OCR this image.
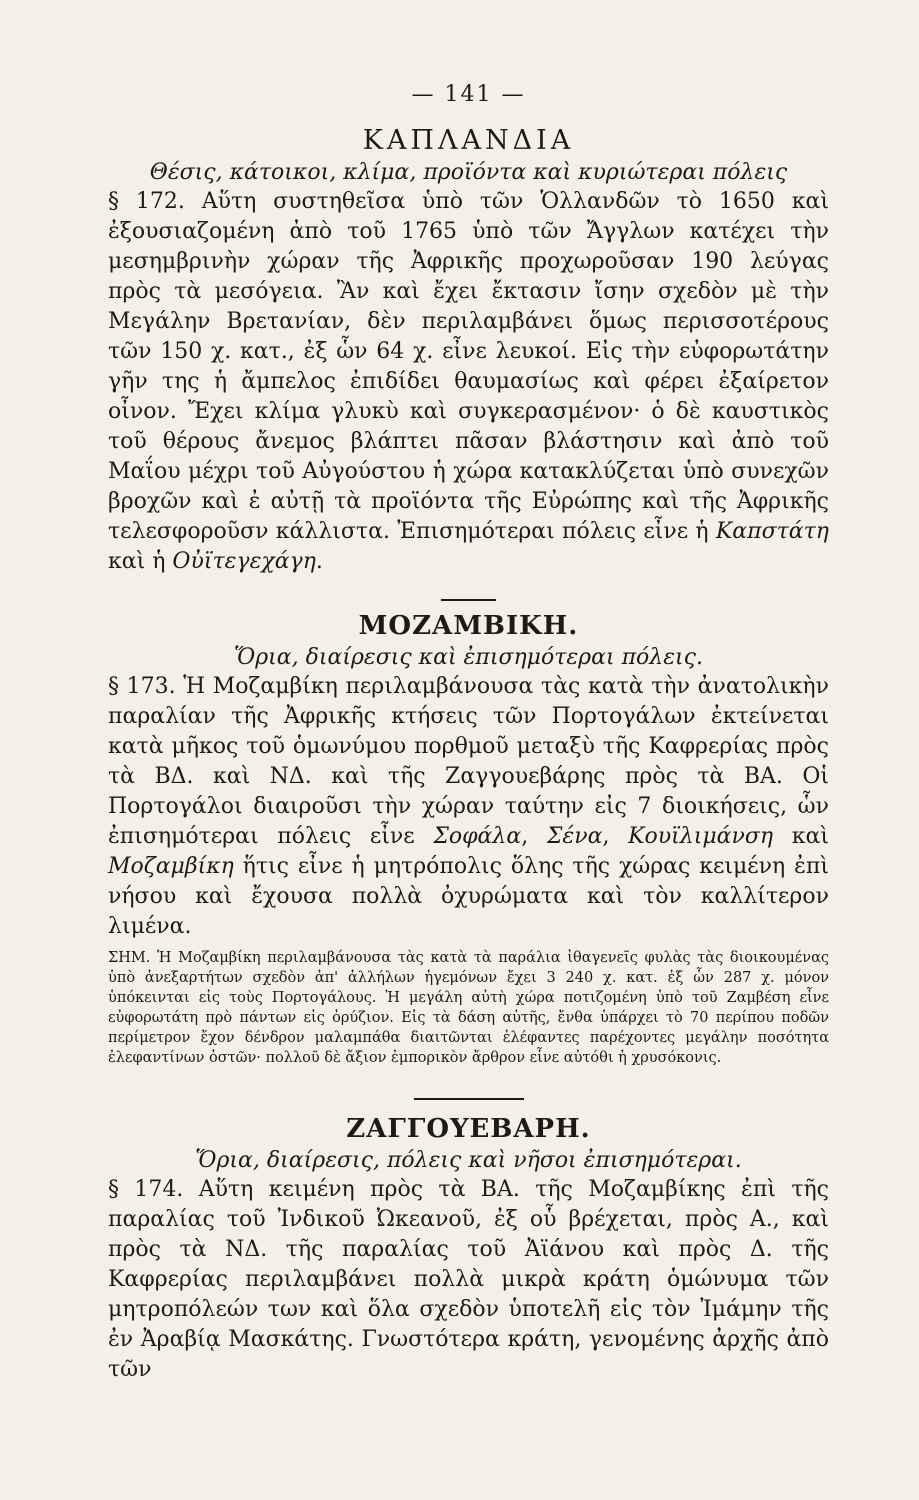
— 141 —
ΚΑΠΛΑΝΔΙΑ
Θέσις, κάτοικοι, κλίμα, προϊόντα καὶ κυριώτεραι πόλεις

§ 172. Αὕτη συστηθεῖσα ὑπὸ τῶν Ὁλλανδῶν τὸ 1650 καὶ ἐξουσιαζομένη ἀπὸ τοῦ 1765 ὑπὸ τῶν Ἄγγλων κατέχει τὴν μεσημβρινὴν χώραν τῆς Ἀφρικῆς προχωροῦσαν 190 λεύγας πρὸς τὰ μεσόγεια. Ἂν καὶ ἔχει ἔκτασιν ἴσην σχεδὸν μὲ τὴν Μεγάλην Βρετανίαν, δὲν περιλαμβάνει ὅμως περισσοτέρους τῶν 150 χ. κατ., ἐξ ὧν 64 χ. εἶνε λευκοί. Εἰς τὴν εὐφορωτάτην γῆν της ἡ ἄμπελος ἐπιδίδει θαυμασίως καὶ φέρει ἐξαίρετον οἶνον. Ἔχει κλίμα γλυκὺ καὶ συγκερασμένον· ὁ δὲ καυστικὸς τοῦ θέρους ἄνεμος βλάπτει πᾶσαν βλάστησιν καὶ ἀπὸ τοῦ Μαΐου μέχρι τοῦ Αὐγούστου ἡ χώρα κατακλύζεται ὑπὸ συνεχῶν βροχῶν καὶ ἐ αὐτῇ τὰ προϊόντα τῆς Εὐρώπης καὶ τῆς Ἀφρικῆς τελεσφοροῦσν κάλλιστα. Ἐπισημότεραι πόλεις εἶνε ἡ Καπστάτη καὶ ἡ Οὐϊτεγεχάγη.

ΜΟΖΑΜΒΙΚΗ.
Ὅρια, διαίρεσις καὶ ἐπισημότεραι πόλεις.

§ 173. Ἡ Μοζαμβίκη περιλαμβάνουσα τὰς κατὰ τὴν ἀνατολικὴν παραλίαν τῆς Ἀφρικῆς κτήσεις τῶν Πορτογάλων ἐκτείνεται κατὰ μῆκος τοῦ ὁμωνύμου πορθμοῦ μεταξὺ τῆς Καφρερίας πρὸς τὰ ΒΔ. καὶ ΝΔ. καὶ τῆς Ζαγγουεβάρης πρὸς τὰ ΒΑ. Οἱ Πορτογάλοι διαιροῦσι τὴν χώραν ταύτην εἰς 7 διοικήσεις, ὧν ἐπισημότεραι πόλεις εἶνε Σοφάλα, Σένα, Κουϊλιμάνση καὶ Μοζαμβίκη ἥτις εἶνε ἡ μητρόπολις ὅλης τῆς χώρας κειμένη ἐπὶ νήσου καὶ ἔχουσα πολλὰ ὀχυρώματα καὶ τὸν καλλίτερον λιμένα.

ΣΗΜ. Ἡ Μοζαμβίκη περιλαμβάνουσα τὰς κατὰ τὰ παράλια ἰθαγενεῖς φυλὰς τὰς διοικουμένας ὑπὸ ἀνεξαρτήτων σχεδὸν ἀπ' ἀλλήλων ἡγεμόνων ἔχει 3 240 χ. κατ. ἐξ ὧν 287 χ. μόνον ὑπόκεινται εἰς τοὺς Πορτογάλους. Ἡ μεγάλη αὐτὴ χώρα ποτιζομένη ὑπὸ τοῦ Ζαμβέση εἶνε εὐφορωτάτη πρὸ πάντων εἰς ὀρύζιον. Εἰς τὰ δάση αὐτῆς, ἔνθα ὑπάρχει τὸ 70 περίπου ποδῶν περίμετρον ἔχον δένδρον μαλαμπάθα διαιτῶνται ἐλέφαντες παρέχοντες μεγάλην ποσότητα ἐλεφαντίνων ὀστῶν· πολλοῦ δὲ ἄξιον ἐμπορικὸν ἄρθρον εἶνε αὐτόθι ἡ χρυσόκονις.

ΖΑΓΓΟΥΕΒΑΡΗ.
Ὅρια, διαίρεσις, πόλεις καὶ νῆσοι ἐπισημότεραι.

§ 174. Αὕτη κειμένη πρὸς τὰ ΒΑ. τῆς Μοζαμβίκης ἐπὶ τῆς παραλίας τοῦ Ἰνδικοῦ Ὠκεανοῦ, ἐξ οὗ βρέχεται, πρὸς Α., καὶ πρὸς τὰ ΝΔ. τῆς παραλίας τοῦ Ἀϊάνου καὶ πρὸς Δ. τῆς Καφρερίας περιλαμβάνει πολλὰ μικρὰ κράτη ὁμώνυμα τῶν μητροπόλεών των καὶ ὅλα σχεδὸν ὑποτελῆ εἰς τὸν Ἰμάμην τῆς ἐν Ἀραβίᾳ Μασκάτης. Γνωστότερα κράτη, γενομένης ἀρχῆς ἀπὸ τῶν
